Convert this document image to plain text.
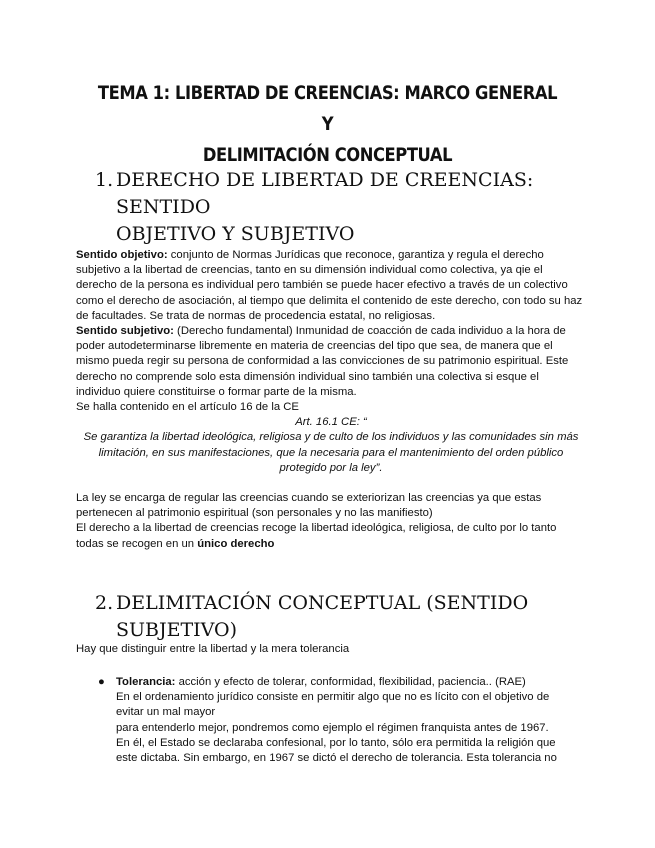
TEMA 1: LIBERTAD DE CREENCIAS: MARCO GENERAL Y
DELIMITACIÓN CONCEPTUAL
1. DERECHO DE LIBERTAD DE CREENCIAS: SENTIDO
OBJETIVO Y SUBJETIVO

Sentido objetivo: conjunto de Normas Jurídicas que reconoce, garantiza y regula el derecho subjetivo a la libertad de creencias, tanto en su dimensión individual como colectiva, ya qie el derecho de la persona es individual pero también se puede hacer efectivo a través de un colectivo como el derecho de asociación, al tiempo que delimita el contenido de este derecho, con todo su haz de facultades. Se trata de normas de procedencia estatal, no religiosas.

Sentido subjetivo: (Derecho fundamental) Inmunidad de coacción de cada individuo a la hora de poder autodeterminarse libremente en materia de creencias del tipo que sea, de manera que el mismo pueda regir su persona de conformidad a las convicciones de su patrimonio espiritual. Este derecho no comprende solo esta dimensión individual sino también una colectiva si esque el individuo quiere constituirse o formar parte de la misma.

Se halla contenido en el artículo 16 de la CE

Art. 16.1 CE: “

Se garantiza la libertad ideológica, religiosa y de culto de los individuos y las comunidades sin más limitación, en sus manifestaciones, que la necesaria para el mantenimiento del orden público protegido por la ley”.

La ley se encarga de regular las creencias cuando se exteriorizan las creencias ya que estas pertenecen al patrimonio espiritual (son personales y no las manifiesto)

El derecho a la libertad de creencias recoge la libertad ideológica, religiosa, de culto por lo tanto todas se recogen en un único derecho

2. DELIMITACIÓN CONCEPTUAL (SENTIDO
SUBJETIVO)

Hay que distinguir entre la libertad y la mera tolerancia

● Tolerancia: acción y efecto de tolerar, conformidad, flexibilidad, paciencia.. (RAE)

En el ordenamiento jurídico consiste en permitir algo que no es lícito con el objetivo de evitar un mal mayor

para entenderlo mejor, pondremos como ejemplo el régimen franquista antes de 1967.

En él, el Estado se declaraba confesional, por lo tanto, sólo era permitida la religión que este dictaba. Sin embargo, en 1967 se dictó el derecho de tolerancia. Esta tolerancia no
